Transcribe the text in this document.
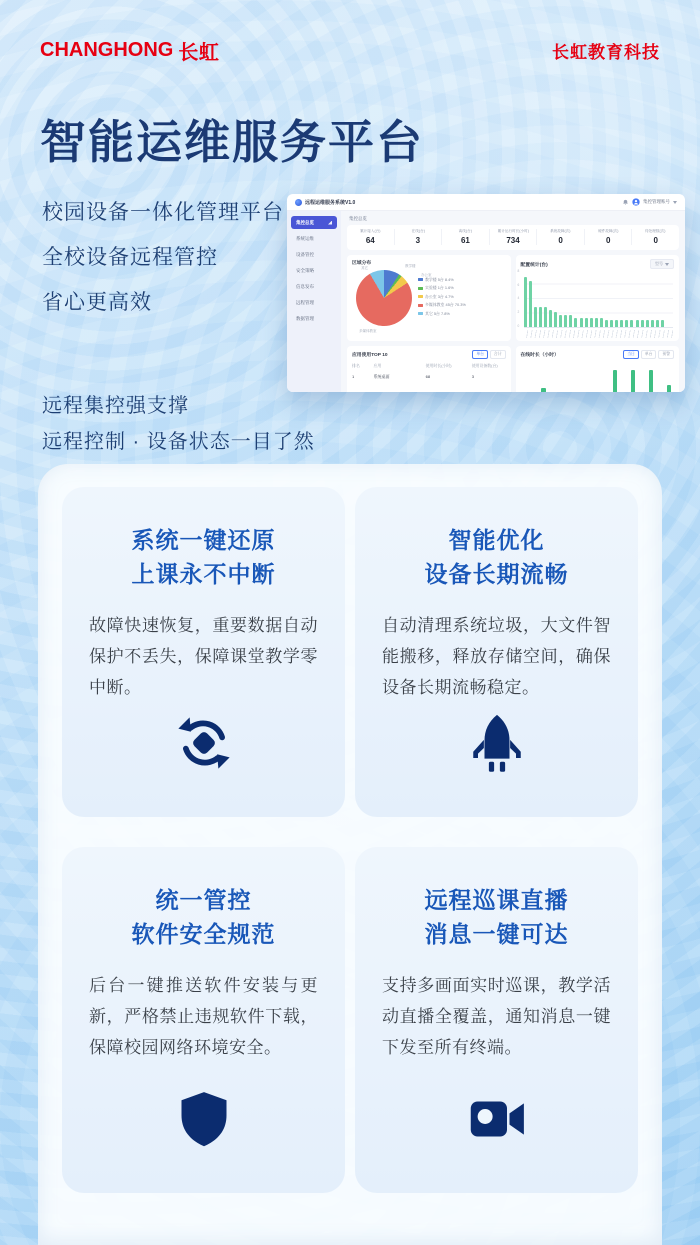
CHANGHONG 长虹	长虹教育科技
智能运维服务平台
校园设备一体化管理平台
全校设备远程管控
省心更高效
远程集控强支撑
远程控制 · 设备状态一目了然
远程运维服务系统V1.0	集控管理账号
集控总览
系统运维
设备管控
安全策略
信息发布
远程管理
数据管理
集控总览
累计接入(台)
64
在线(台)
3
离线(台)
61
累计运行时长(小时)
734
系统故障(次)
0
硬件故障(次)
0
待处理数(次)
0
区域分布
教学楼 5台 8.4%
实验楼 1台 1.6%
办公室 3台 4.7%
多媒体教室 45台 70.3%
其它 5台 7.8%
其它	教学楼
办公室
多媒体教室
配置统计(台)	型号
8
6
4
2
0
应用使用TOP 10	单台	合计
排名	应用	使用时长(小时)	使用设备数(台)
1	系统桌面	68	3
在线时长（小时）	当日	单台	预警
系统一键还原
上课永不中断
故障快速恢复，重要数据自动保护不丢失，保障课堂教学零中断。
智能优化
设备长期流畅
自动清理系统垃圾，大文件智能搬移，释放存储空间，确保设备长期流畅稳定。
统一管控
软件安全规范
后台一键推送软件安装与更新，严格禁止违规软件下载，保障校园网络环境安全。
远程巡课直播
消息一键可达
支持多画面实时巡课，教学活动直播全覆盖，通知消息一键下发至所有终端。
